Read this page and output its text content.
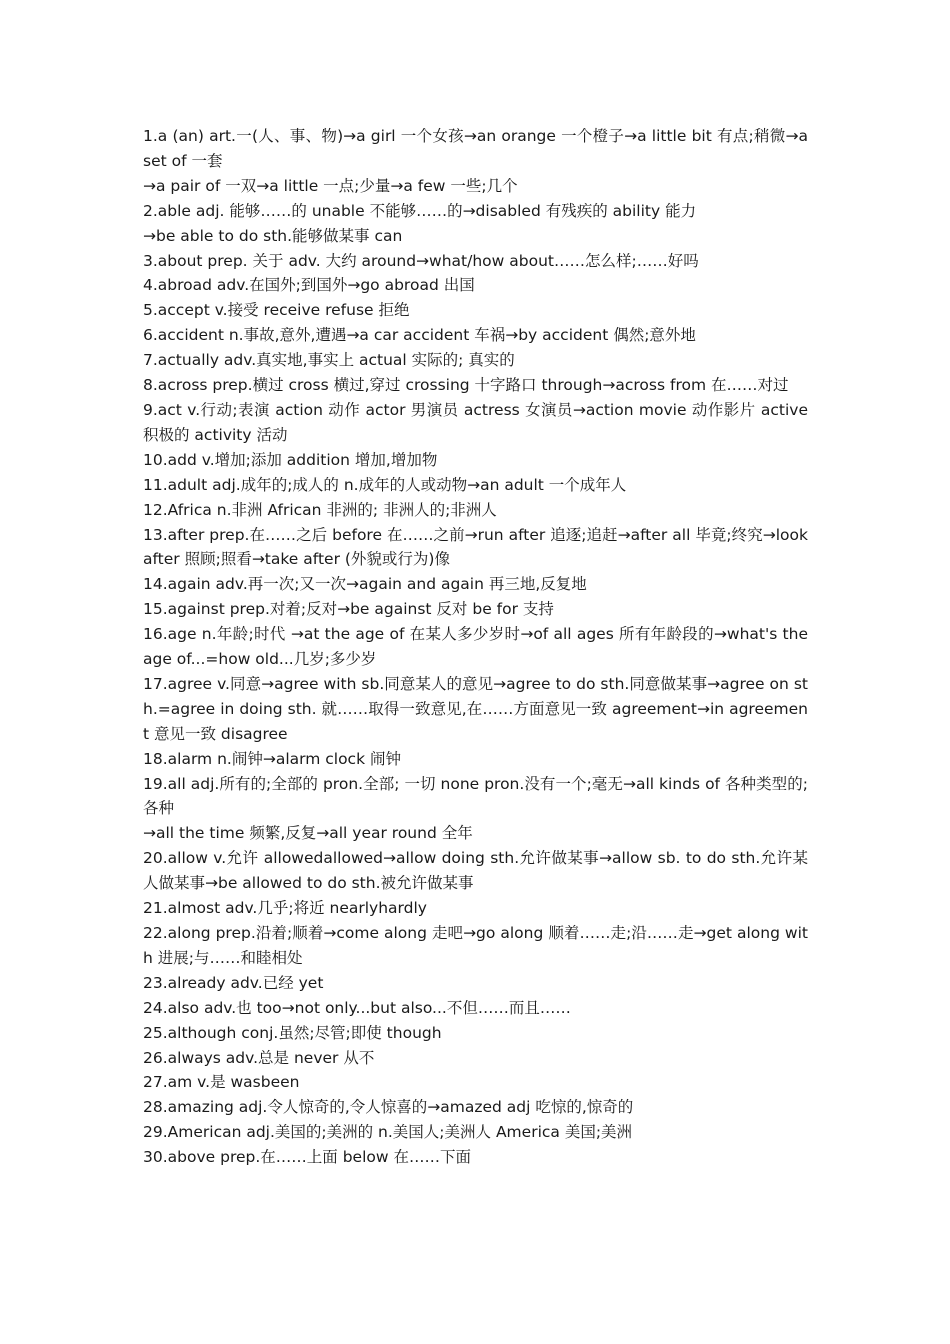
1.a (an) art.一(人、事、物)→a girl 一个女孩→an orange 一个橙子→a little bit 有点;稍微→a set of 一套

→a pair of 一双→a little 一点;少量→a few 一些;几个

2.able adj. 能够……的 unable 不能够……的→disabled 有残疾的 ability 能力

→be able to do sth.能够做某事 can

3.about prep. 关于 adv. 大约 around→what/how about……怎么样;……好吗

4.abroad adv.在国外;到国外→go abroad 出国

5.accept v.接受 receive refuse 拒绝

6.accident n.事故,意外,遭遇→a car accident 车祸→by accident 偶然;意外地

7.actually adv.真实地,事实上 actual 实际的; 真实的

8.across prep.横过 cross 横过,穿过 crossing 十字路口 through→across from 在……对过

9.act v.行动;表演 action 动作 actor 男演员 actress 女演员→action movie 动作影片 active 积极的 activity 活动

10.add v.增加;添加 addition 增加,增加物

11.adult adj.成年的;成人的 n.成年的人或动物→an adult 一个成年人

12.Africa n.非洲 African 非洲的; 非洲人的;非洲人

13.after prep.在……之后 before 在……之前→run after 追逐;追赶→after all 毕竟;终究→look after 照顾;照看→take after (外貌或行为)像

14.again adv.再一次;又一次→again and again 再三地,反复地

15.against prep.对着;反对→be against 反对 be for 支持

16.age n.年龄;时代 →at the age of 在某人多少岁时→of all ages 所有年龄段的→what's the age of...=how old...几岁;多少岁

17.agree v.同意→agree with sb.同意某人的意见→agree to do sth.同意做某事→agree on sth.=agree in doing sth. 就……取得一致意见,在……方面意见一致 agreement→in agreement 意见一致 disagree

18.alarm n.闹钟→alarm clock 闹钟

19.all adj.所有的;全部的 pron.全部; 一切 none pron.没有一个;毫无→all kinds of 各种类型的;各种

→all the time 频繁,反复→all year round 全年

20.allow v.允许 allowedallowed→allow doing sth.允许做某事→allow sb. to do sth.允许某人做某事→be allowed to do sth.被允许做某事

21.almost adv.几乎;将近 nearlyhardly

22.along prep.沿着;顺着→come along 走吧→go along 顺着……走;沿……走→get along with 进展;与……和睦相处

23.already adv.已经 yet

24.also adv.也 too→not only...but also...不但……而且……

25.although conj.虽然;尽管;即使 though

26.always adv.总是 never 从不

27.am v.是 wasbeen

28.amazing adj.令人惊奇的,令人惊喜的→amazed adj 吃惊的,惊奇的

29.American adj.美国的;美洲的 n.美国人;美洲人 America 美国;美洲

30.above prep.在……上面 below 在……下面
